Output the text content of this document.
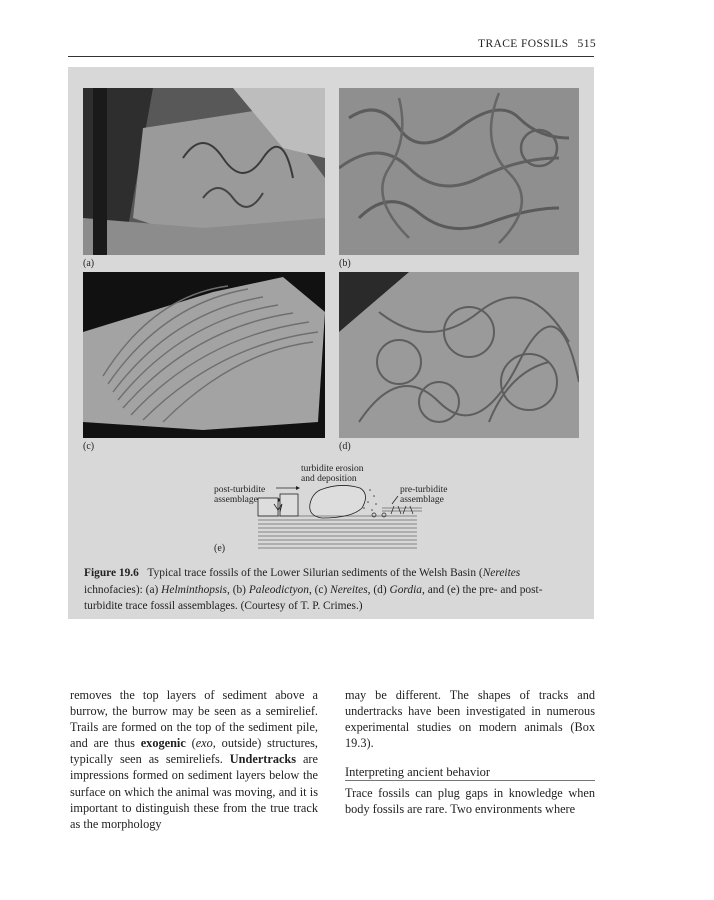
TRACE FOSSILS 515
(a)	(b)
(c)	(d)
turbidite erosion
and deposition
post-turbidite
assemblage
pre-turbidite
assemblage
(e)
Figure 19.6 Typical trace fossils of the Lower Silurian sediments of the Welsh Basin (Nereites ichnofacies): (a) Helminthopsis, (b) Paleodictyon, (c) Nereites, (d) Gordia, and (e) the pre- and post-turbidite trace fossil assemblages. (Courtesy of T. P. Crimes.)

removes the top layers of sediment above a burrow, the burrow may be seen as a semirelief. Trails are formed on the top of the sediment pile, and are thus exogenic (exo, outside) structures, typically seen as semireliefs. Undertracks are impressions formed on sediment layers below the surface on which the animal was moving, and it is important to distinguish these from the true track as the morphology

may be different. The shapes of tracks and undertracks have been investigated in numerous experimental studies on modern animals (Box 19.3).

Interpreting ancient behavior
Trace fossils can plug gaps in knowledge when body fossils are rare. Two environments where
